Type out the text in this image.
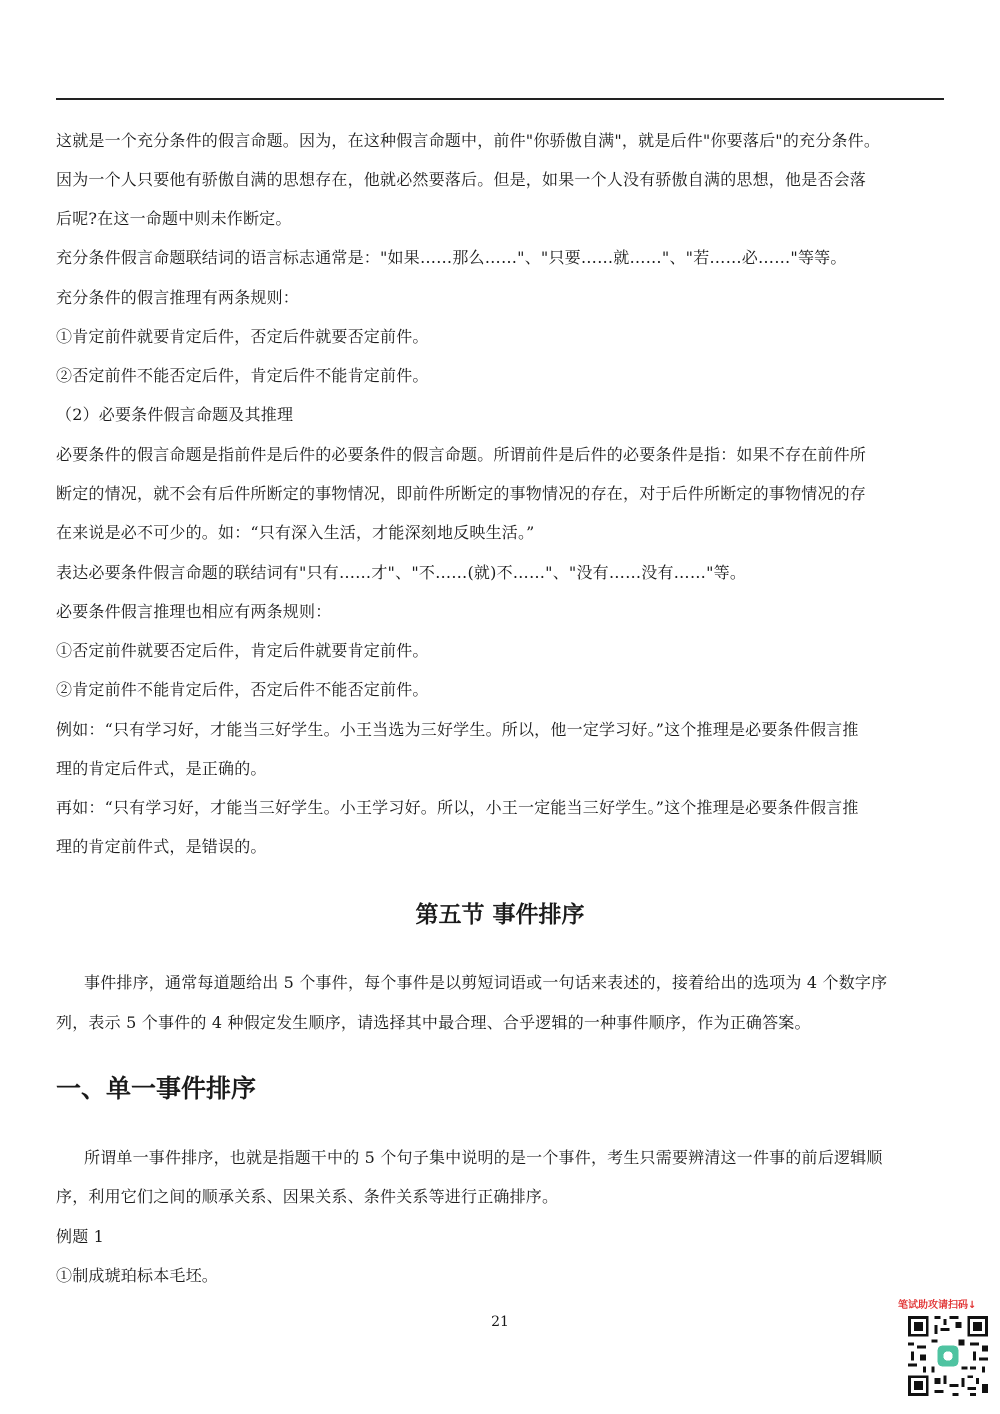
这就是一个充分条件的假言命题。因为，在这种假言命题中，前件"你骄傲自满"，就是后件"你要落后"的充分条件。
因为一个人只要他有骄傲自满的思想存在，他就必然要落后。但是，如果一个人没有骄傲自满的思想，他是否会落
后呢?在这一命题中则未作断定。
充分条件假言命题联结词的语言标志通常是："如果……那么……"、"只要……就……"、"若……必……"等等。
充分条件的假言推理有两条规则：
①肯定前件就要肯定后件，否定后件就要否定前件。
②否定前件不能否定后件，肯定后件不能肯定前件。
（2）必要条件假言命题及其推理
必要条件的假言命题是指前件是后件的必要条件的假言命题。所谓前件是后件的必要条件是指：如果不存在前件所
断定的情况，就不会有后件所断定的事物情况，即前件所断定的事物情况的存在，对于后件所断定的事物情况的存
在来说是必不可少的。如：“只有深入生活，才能深刻地反映生活。”
表达必要条件假言命题的联结词有"只有……才"、"不……(就)不……"、"没有……没有……"等。
必要条件假言推理也相应有两条规则：
①否定前件就要否定后件，肯定后件就要肯定前件。
②肯定前件不能肯定后件，否定后件不能否定前件。
例如：“只有学习好，才能当三好学生。小王当选为三好学生。所以，他一定学习好。”这个推理是必要条件假言推
理的肯定后件式，是正确的。
再如：“只有学习好，才能当三好学生。小王学习好。所以，小王一定能当三好学生。”这个推理是必要条件假言推
理的肯定前件式，是错误的。
第五节 事件排序
事件排序，通常每道题给出 5 个事件，每个事件是以剪短词语或一句话来表述的，接着给出的选项为 4 个数字序
列，表示 5 个事件的 4 种假定发生顺序，请选择其中最合理、合乎逻辑的一种事件顺序，作为正确答案。
一、单一事件排序
所谓单一事件排序，也就是指题干中的 5 个句子集中说明的是一个事件，考生只需要辨清这一件事的前后逻辑顺
序，利用它们之间的顺承关系、因果关系、条件关系等进行正确排序。
例题 1
①制成琥珀标本毛坯。
21
笔试助攻请扫码↓
